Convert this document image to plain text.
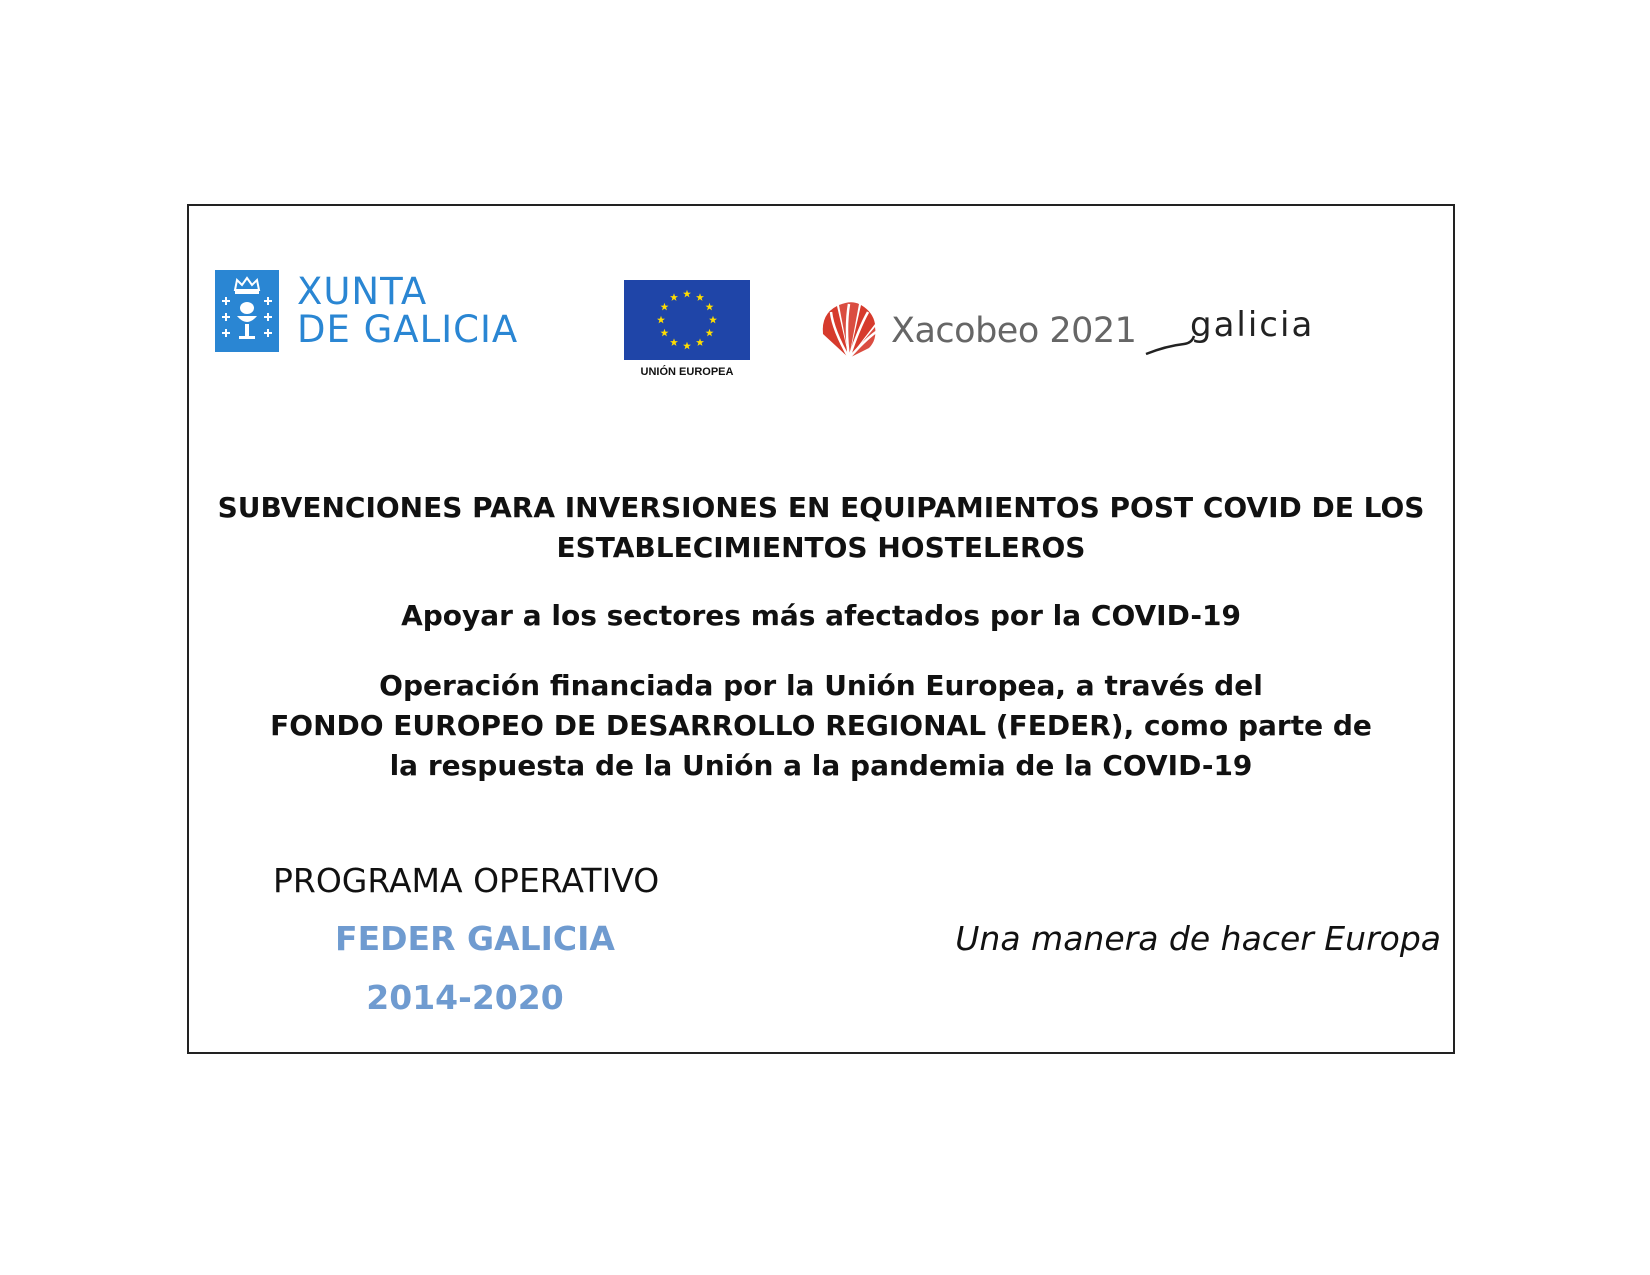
XUNTA
DE GALICIA
UNIÓN EUROPEA
Xacobeo 2021 galicia
SUBVENCIONES PARA INVERSIONES EN EQUIPAMIENTOS POST COVID DE LOS
ESTABLECIMIENTOS HOSTELEROS
Apoyar a los sectores más afectados por la COVID-19
Operación financiada por la Unión Europea, a través del
FONDO EUROPEO DE DESARROLLO REGIONAL (FEDER), como parte de
la respuesta de la Unión a la pandemia de la COVID-19
PROGRAMA OPERATIVO
FEDER GALICIA
2014-2020
Una manera de hacer Europa
